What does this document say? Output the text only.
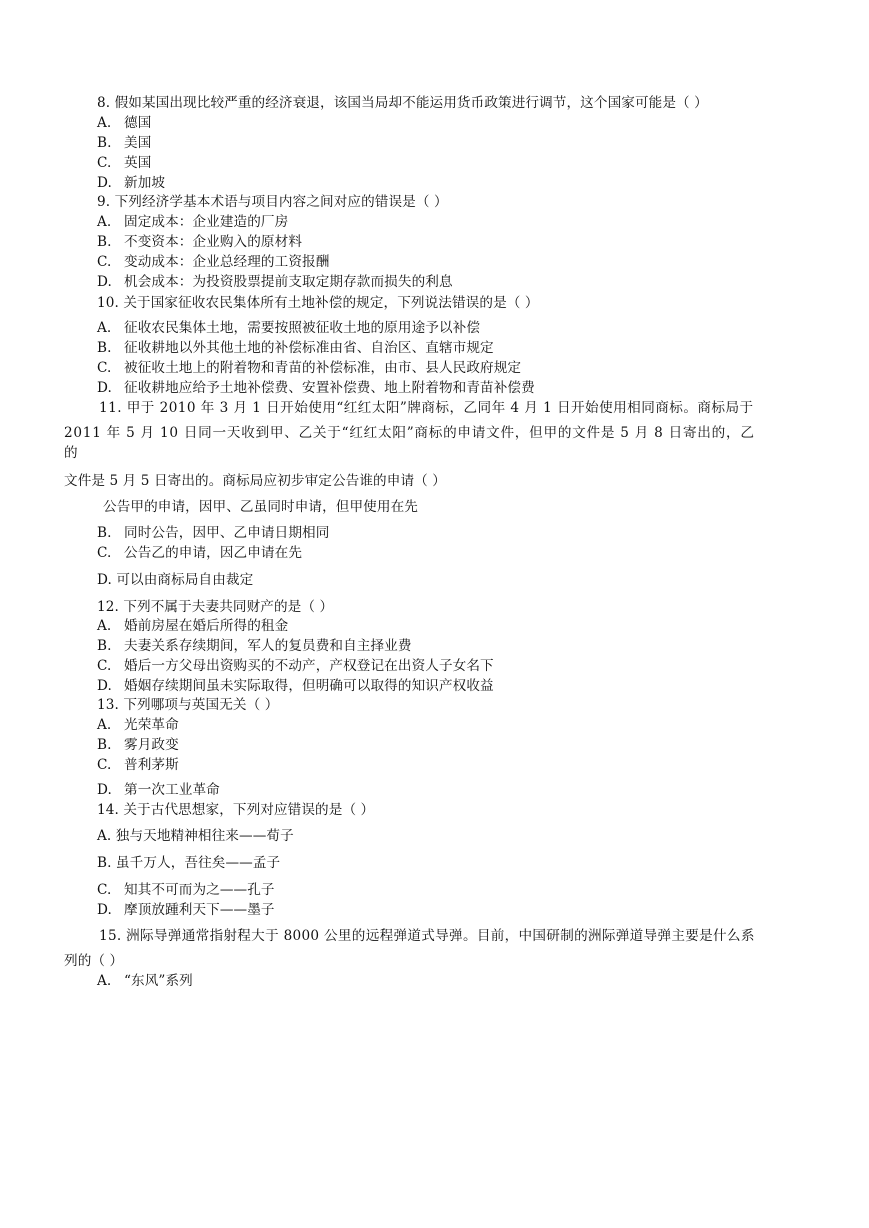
8. 假如某国出现比较严重的经济衰退，该国当局却不能运用货币政策进行调节，这个国家可能是（ ）
A. 德国
B. 美国
C. 英国
D. 新加坡
9. 下列经济学基本术语与项目内容之间对应的错误是（ ）
A. 固定成本：企业建造的厂房
B. 不变资本：企业购入的原材料
C. 变动成本：企业总经理的工资报酬
D. 机会成本：为投资股票提前支取定期存款而损失的利息
10. 关于国家征收农民集体所有土地补偿的规定，下列说法错误的是（ ）
A. 征收农民集体土地，需要按照被征收土地的原用途予以补偿
B. 征收耕地以外其他土地的补偿标准由省、自治区、直辖市规定
C. 被征收土地上的附着物和青苗的补偿标准，由市、县人民政府规定
D. 征收耕地应给予土地补偿费、安置补偿费、地上附着物和青苗补偿费
11. 甲于 2010 年 3 月 1 日开始使用“红红太阳”牌商标，乙同年 4 月 1 日开始使用相同商标。商标局于
2011 年 5 月 10 日同一天收到甲、乙关于“红红太阳”商标的申请文件，但甲的文件是 5 月 8 日寄出的，乙
的
文件是 5 月 5 日寄出的。商标局应初步审定公告谁的申请（ ）
公告甲的申请，因甲、乙虽同时申请，但甲使用在先
B. 同时公告，因甲、乙申请日期相同
C. 公告乙的申请，因乙申请在先
D. 可以由商标局自由裁定
12. 下列不属于夫妻共同财产的是（ ）
A. 婚前房屋在婚后所得的租金
B. 夫妻关系存续期间，军人的复员费和自主择业费
C. 婚后一方父母出资购买的不动产，产权登记在出资人子女名下
D. 婚姻存续期间虽未实际取得，但明确可以取得的知识产权收益
13. 下列哪项与英国无关（ ）
A. 光荣革命
B. 雾月政变
C. 普利茅斯
D. 第一次工业革命
14. 关于古代思想家，下列对应错误的是（ ）
A. 独与天地精神相往来——荀子
B. 虽千万人，吾往矣——孟子
C. 知其不可而为之——孔子
D. 摩顶放踵利天下——墨子
15. 洲际导弹通常指射程大于 8000 公里的远程弹道式导弹。目前，中国研制的洲际弹道导弹主要是什么系
列的（ ）
A. “东风”系列
